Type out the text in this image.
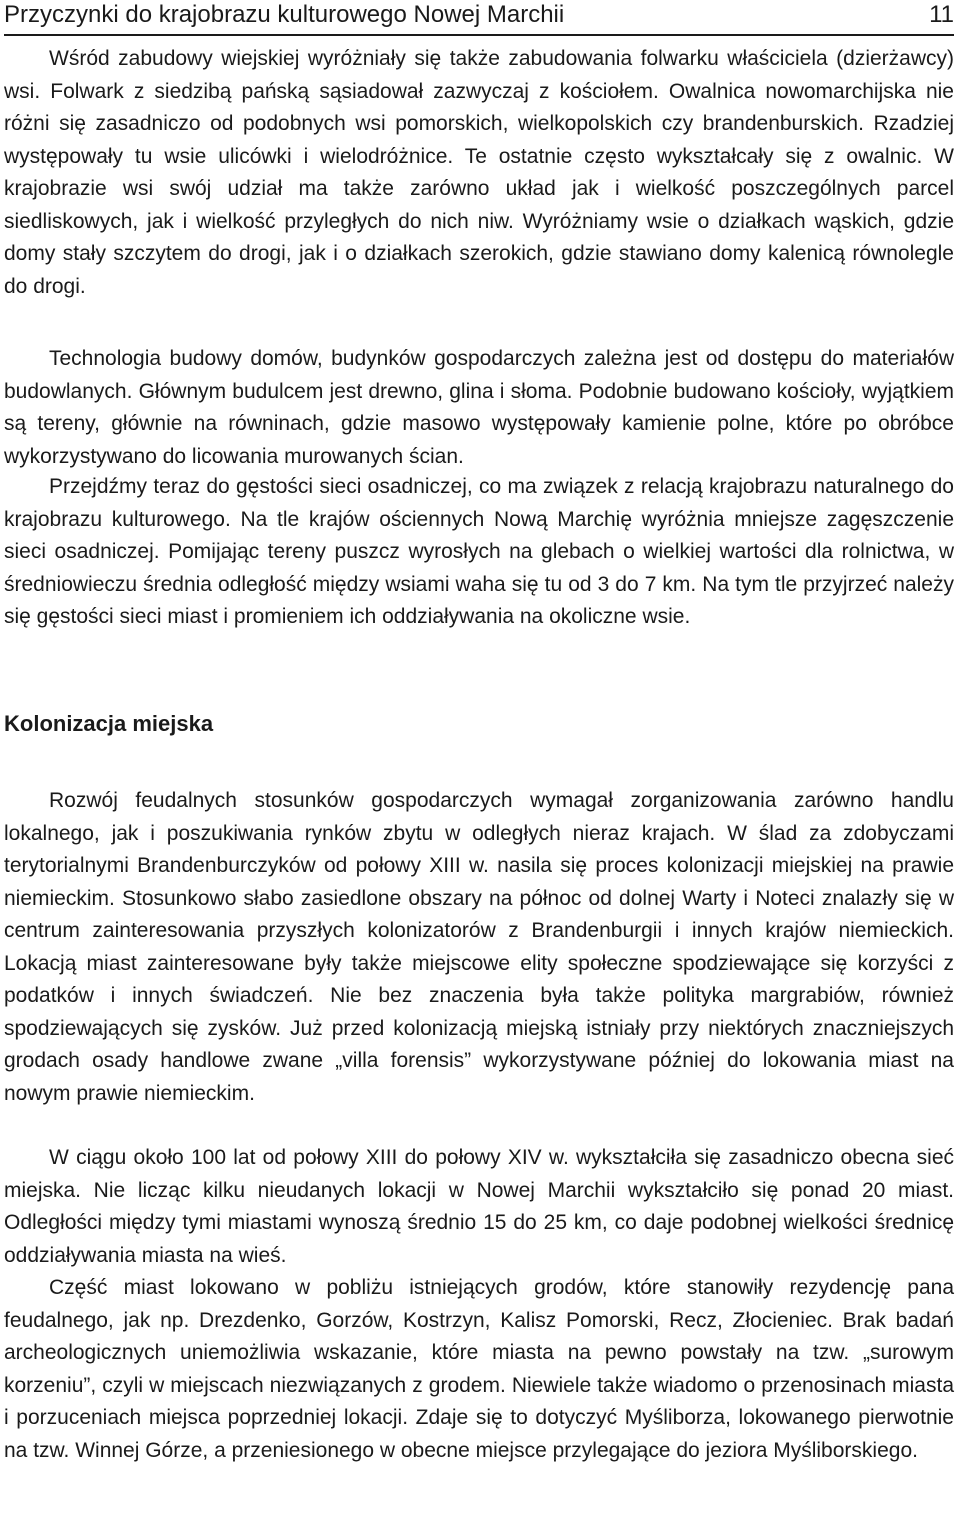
Przyczynki do krajobrazu kulturowego Nowej Marchii	11

Wśród zabudowy wiejskiej wyróżniały się także zabudowania folwarku właściciela (dzierżawcy) wsi. Folwark z siedzibą pańską sąsiadował zazwyczaj z kościołem. Owalnica nowomarchijska nie różni się zasadniczo od podobnych wsi pomorskich, wielkopolskich czy brandenburskich. Rzadziej występowały tu wsie ulicówki i wielodróżnice. Te ostatnie często wykształcały się z owalnic. W krajobrazie wsi swój udział ma także zarówno układ jak i wielkość poszczególnych parcel siedliskowych, jak i wielkość przyległych do nich niw. Wyróżniamy wsie o działkach wąskich, gdzie domy stały szczytem do drogi, jak i o działkach szerokich, gdzie stawiano domy kalenicą równolegle do drogi.

Technologia budowy domów, budynków gospodarczych zależna jest od dostępu do materiałów budowlanych. Głównym budulcem jest drewno, glina i słoma. Podobnie budowano kościoły, wyjątkiem są tereny, głównie na równinach, gdzie masowo występowały kamienie polne, które po obróbce wykorzystywano do licowania murowanych ścian.

Przejdźmy teraz do gęstości sieci osadniczej, co ma związek z relacją krajobrazu naturalnego do krajobrazu kulturowego. Na tle krajów ościennych Nową Marchię wyróżnia mniejsze zagęszczenie sieci osadniczej. Pomijając tereny puszcz wyrosłych na glebach o wielkiej wartości dla rolnictwa, w średniowieczu średnia odległość między wsiami waha się tu od 3 do 7 km. Na tym tle przyjrzeć należy się gęstości sieci miast i promieniem ich oddziaływania na okoliczne wsie.

Kolonizacja miejska

Rozwój feudalnych stosunków gospodarczych wymagał zorganizowania zarówno handlu lokalnego, jak i poszukiwania rynków zbytu w odległych nieraz krajach. W ślad za zdobyczami terytorialnymi Brandenburczyków od połowy XIII w. nasila się proces kolonizacji miejskiej na prawie niemieckim. Stosunkowo słabo zasiedlone obszary na północ od dolnej Warty i Noteci znalazły się w centrum zainteresowania przyszłych kolonizatorów z Brandenburgii i innych krajów niemieckich. Lokacją miast zainteresowane były także miejscowe elity społeczne spodziewające się korzyści z podatków i innych świadczeń. Nie bez znaczenia była także polityka margrabiów, również spodziewających się zysków. Już przed kolonizacją miejską istniały przy niektórych znaczniejszych grodach osady handlowe zwane „villa forensis” wykorzystywane później do lokowania miast na nowym prawie niemieckim.

W ciągu około 100 lat od połowy XIII do połowy XIV w. wykształciła się zasadniczo obecna sieć miejska. Nie licząc kilku nieudanych lokacji w Nowej Marchii wykształciło się ponad 20 miast. Odległości między tymi miastami wynoszą średnio 15 do 25 km, co daje podobnej wielkości średnicę oddziaływania miasta na wieś.

Część miast lokowano w pobliżu istniejących grodów, które stanowiły rezydencję pana feudalnego, jak np. Drezdenko, Gorzów, Kostrzyn, Kalisz Pomorski, Recz, Złocieniec. Brak badań archeologicznych uniemożliwia wskazanie, które miasta na pewno powstały na tzw. „surowym korzeniu”, czyli w miejscach niezwiązanych z grodem. Niewiele także wiadomo o przenosinach miasta i porzuceniach miejsca poprzedniej lokacji. Zdaje się to dotyczyć Myśliborza, lokowanego pierwotnie na tzw. Winnej Górze, a przeniesionego w obecne miejsce przylegające do jeziora Myśliborskiego.
